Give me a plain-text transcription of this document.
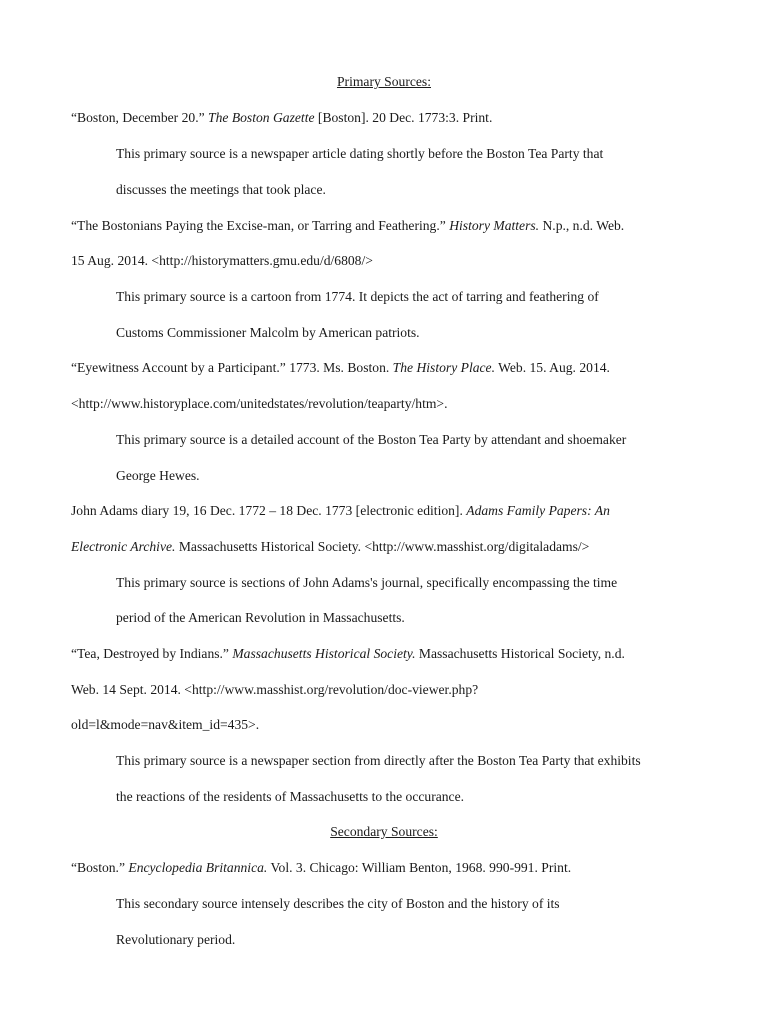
Primary Sources:
“Boston, December 20.” The Boston Gazette [Boston]. 20 Dec. 1773:3. Print.
This primary source is a newspaper article dating shortly before the Boston Tea Party that
discusses the meetings that took place.
“The Bostonians Paying the Excise-man, or Tarring and Feathering.” History Matters. N.p., n.d. Web.
15 Aug. 2014. <http://historymatters.gmu.edu/d/6808/>
This primary source is a cartoon from 1774. It depicts the act of tarring and feathering of
Customs Commissioner Malcolm by American patriots.
“Eyewitness Account by a Participant.” 1773. Ms. Boston. The History Place. Web. 15. Aug. 2014.
<http://www.historyplace.com/unitedstates/revolution/teaparty/htm>.
This primary source is a detailed account of the Boston Tea Party by attendant and shoemaker
George Hewes.
John Adams diary 19, 16 Dec. 1772 – 18 Dec. 1773 [electronic edition]. Adams Family Papers: An
Electronic Archive. Massachusetts Historical Society. <http://www.masshist.org/digitaladams/>
This primary source is sections of John Adams's journal, specifically encompassing the time
period of the American Revolution in Massachusetts.
“Tea, Destroyed by Indians.” Massachusetts Historical Society. Massachusetts Historical Society, n.d.
Web. 14 Sept. 2014. <http://www.masshist.org/revolution/doc-viewer.php?
old=l&mode=nav&item_id=435>.
This primary source is a newspaper section from directly after the Boston Tea Party that exhibits
the reactions of the residents of Massachusetts to the occurance.
Secondary Sources:
“Boston.” Encyclopedia Britannica. Vol. 3. Chicago: William Benton, 1968. 990-991. Print.
This secondary source intensely describes the city of Boston and the history of its
Revolutionary period.
